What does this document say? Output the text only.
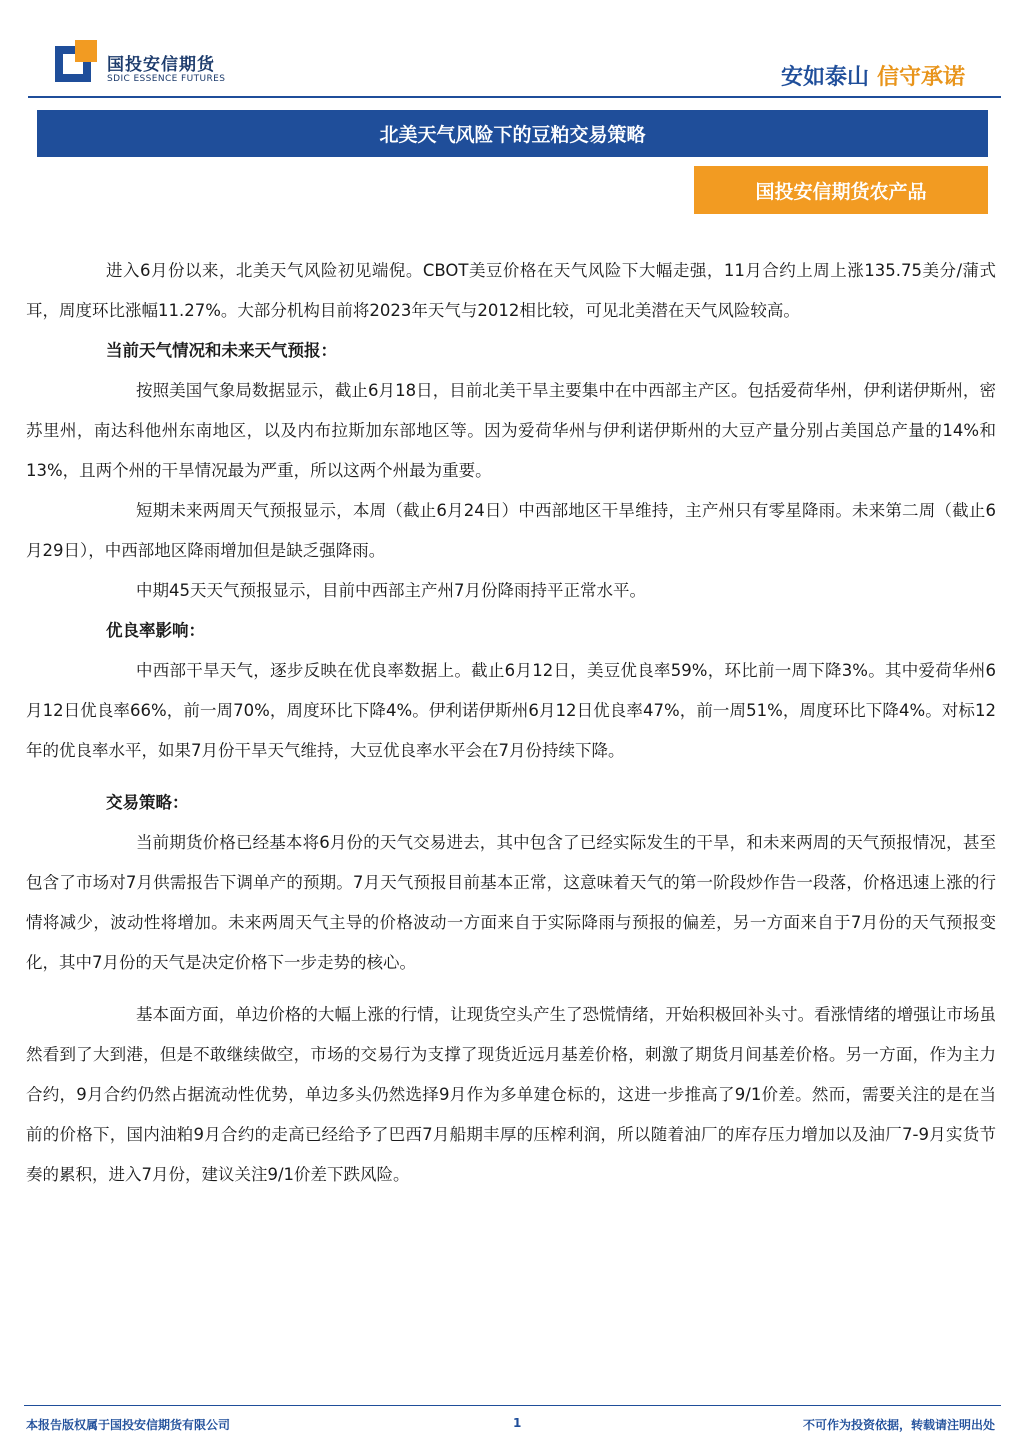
国投安信期货
SDIC ESSENCE FUTURES	安如泰山 信守承诺
北美天气风险下的豆粕交易策略
国投安信期货农产品

进入6月份以来，北美天气风险初见端倪。CBOT美豆价格在天气风险下大幅走强，11月合约上周上涨135.75美分/蒲式耳，周度环比涨幅11.27%。大部分机构目前将2023年天气与2012相比较，可见北美潜在天气风险较高。

当前天气情况和未来天气预报：

按照美国气象局数据显示，截止6月18日，目前北美干旱主要集中在中西部主产区。包括爱荷华州，伊利诺伊斯州，密苏里州，南达科他州东南地区，以及内布拉斯加东部地区等。因为爱荷华州与伊利诺伊斯州的大豆产量分别占美国总产量的14%和13%，且两个州的干旱情况最为严重，所以这两个州最为重要。

短期未来两周天气预报显示，本周（截止6月24日）中西部地区干旱维持，主产州只有零星降雨。未来第二周（截止6月29日），中西部地区降雨增加但是缺乏强降雨。

中期45天天气预报显示，目前中西部主产州7月份降雨持平正常水平。

优良率影响：

中西部干旱天气，逐步反映在优良率数据上。截止6月12日，美豆优良率59%，环比前一周下降3%。其中爱荷华州6月12日优良率66%，前一周70%，周度环比下降4%。伊利诺伊斯州6月12日优良率47%，前一周51%，周度环比下降4%。对标12年的优良率水平，如果7月份干旱天气维持，大豆优良率水平会在7月份持续下降。

交易策略：

当前期货价格已经基本将6月份的天气交易进去，其中包含了已经实际发生的干旱，和未来两周的天气预报情况，甚至包含了市场对7月供需报告下调单产的预期。7月天气预报目前基本正常，这意味着天气的第一阶段炒作告一段落，价格迅速上涨的行情将减少，波动性将增加。未来两周天气主导的价格波动一方面来自于实际降雨与预报的偏差，另一方面来自于7月份的天气预报变化，其中7月份的天气是决定价格下一步走势的核心。

基本面方面，单边价格的大幅上涨的行情，让现货空头产生了恐慌情绪，开始积极回补头寸。看涨情绪的增强让市场虽然看到了大到港，但是不敢继续做空，市场的交易行为支撑了现货近远月基差价格，刺激了期货月间基差价格。另一方面，作为主力合约，9月合约仍然占据流动性优势，单边多头仍然选择9月作为多单建仓标的，这进一步推高了9/1价差。然而，需要关注的是在当前的价格下，国内油粕9月合约的走高已经给予了巴西7月船期丰厚的压榨利润，所以随着油厂的库存压力增加以及油厂7-9月实货节奏的累积，进入7月份，建议关注9/1价差下跌风险。

本报告版权属于国投安信期货有限公司	1	不可作为投资依据，转载请注明出处
